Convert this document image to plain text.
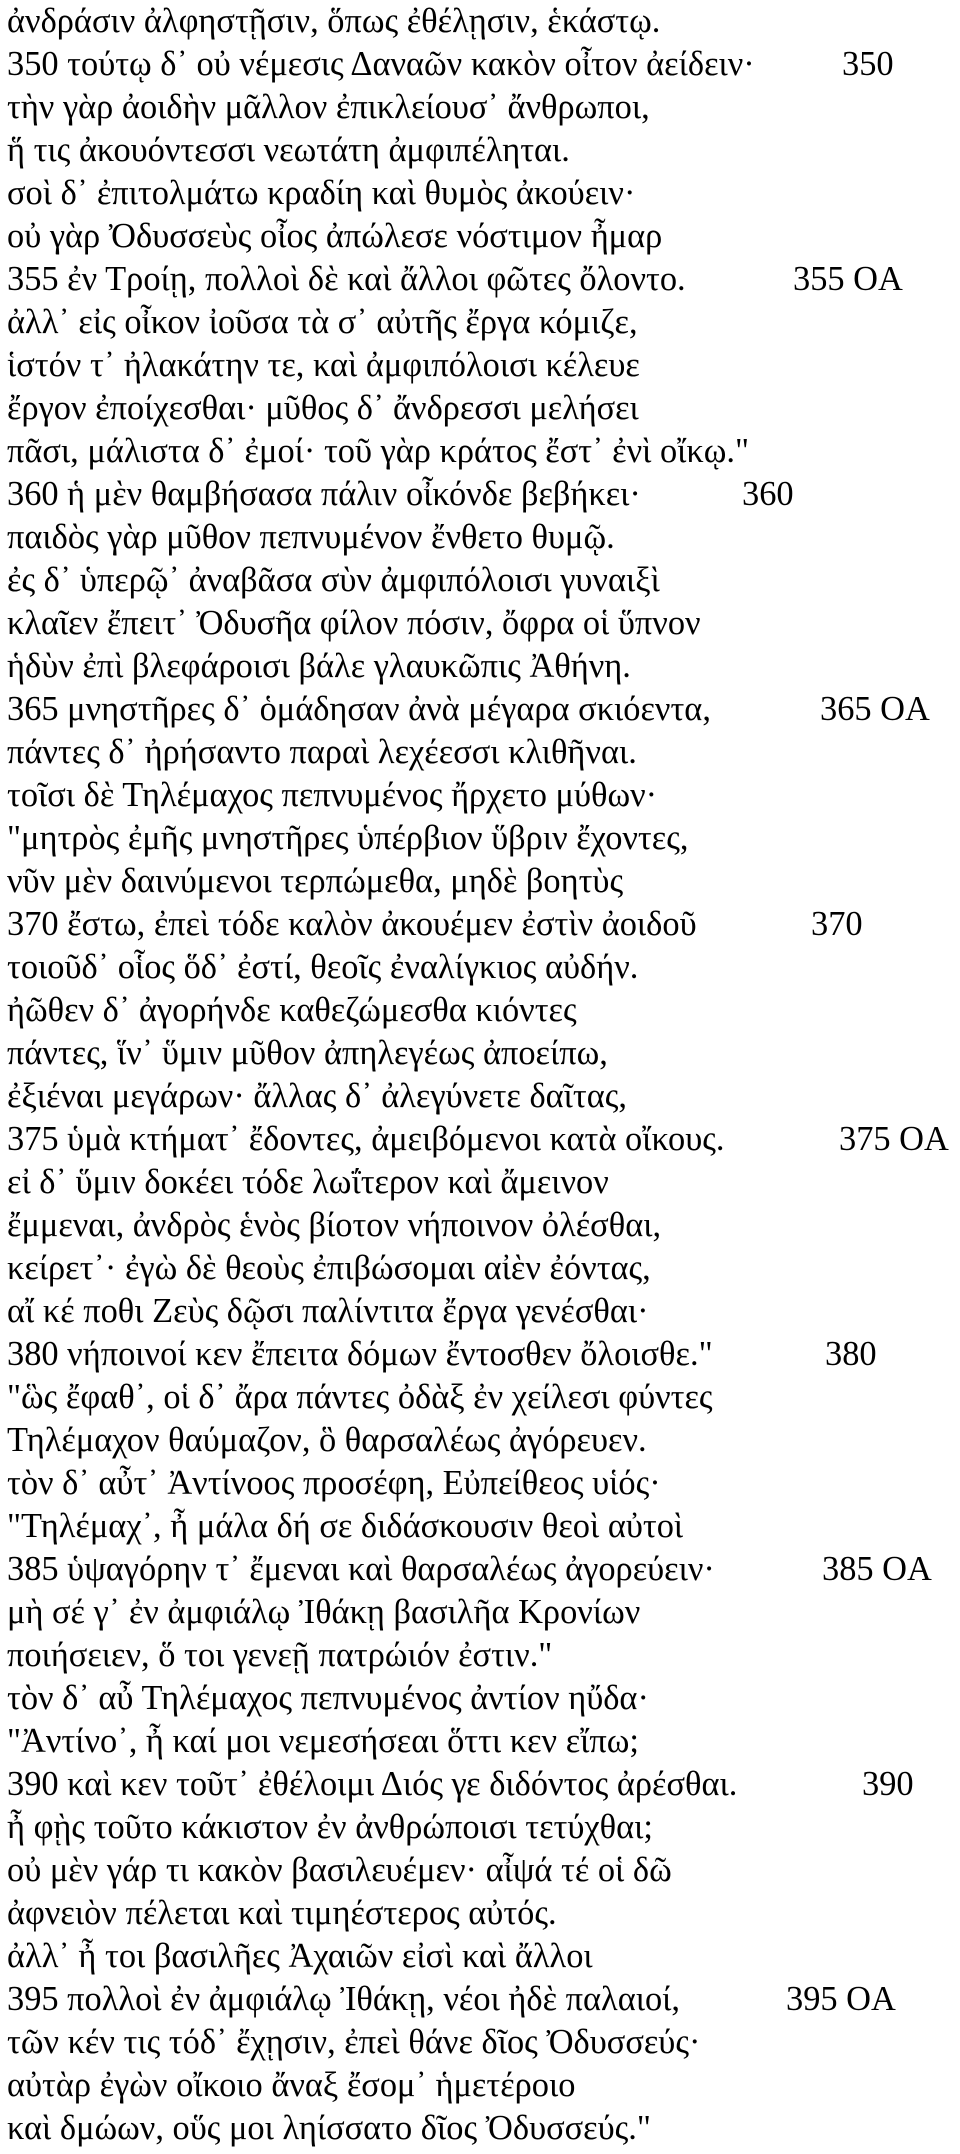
ἀνδράσιν ἀλφηστῇσιν, ὅπως ἐθέλῃσιν, ἑκάστῳ.
350 τούτῳ δ᾽ οὐ νέμεσις Δαναῶν κακὸν οἶτον ἀείδειν·	350
τὴν γὰρ ἀοιδὴν μᾶλλον ἐπικλείουσ᾽ ἄνθρωποι,
ἥ τις ἀκουόντεσσι νεωτάτη ἀμφιπέληται.
σοὶ δ᾽ ἐπιτολμάτω κραδίη καὶ θυμὸς ἀκούειν·
οὐ γὰρ Ὀδυσσεὺς οἶος ἀπώλεσε νόστιμον ἦμαρ
355 ἐν Τροίῃ, πολλοὶ δὲ καὶ ἄλλοι φῶτες ὄλοντο.	355 OA
ἀλλ᾽ εἰς οἶκον ἰοῦσα τὰ σ᾽ αὐτῆς ἔργα κόμιζε,
ἱστόν τ᾽ ἠλακάτην τε, καὶ ἀμφιπόλοισι κέλευε
ἔργον ἐποίχεσθαι· μῦθος δ᾽ ἄνδρεσσι μελήσει
πᾶσι, μάλιστα δ᾽ ἐμοί· τοῦ γὰρ κράτος ἔστ᾽ ἐνὶ οἴκῳ."
360 ἡ μὲν θαμβήσασα πάλιν οἶκόνδε βεβήκει·	360
παιδὸς γὰρ μῦθον πεπνυμένον ἔνθετο θυμῷ.
ἐς δ᾽ ὑπερῷ᾽ ἀναβᾶσα σὺν ἀμφιπόλοισι γυναιξὶ
κλαῖεν ἔπειτ᾽ Ὀδυσῆα φίλον πόσιν, ὄφρα οἱ ὕπνον
ἡδὺν ἐπὶ βλεφάροισι βάλε γλαυκῶπις Ἀθήνη.
365 μνηστῆρες δ᾽ ὁμάδησαν ἀνὰ μέγαρα σκιόεντα,	365 OA
πάντες δ᾽ ἠρήσαντο παραὶ λεχέεσσι κλιθῆναι.
τοῖσι δὲ Τηλέμαχος πεπνυμένος ἤρχετο μύθων·
"μητρὸς ἐμῆς μνηστῆρες ὑπέρβιον ὕβριν ἔχοντες,
νῦν μὲν δαινύμενοι τερπώμεθα, μηδὲ βοητὺς
370 ἔστω, ἐπεὶ τόδε καλὸν ἀκουέμεν ἐστὶν ἀοιδοῦ	370
τοιοῦδ᾽ οἷος ὅδ᾽ ἐστί, θεοῖς ἐναλίγκιος αὐδήν.
ἠῶθεν δ᾽ ἀγορήνδε καθεζώμεσθα κιόντες
πάντες, ἵν᾽ ὕμιν μῦθον ἀπηλεγέως ἀποείπω,
ἐξιέναι μεγάρων· ἄλλας δ᾽ ἀλεγύνετε δαῖτας,
375 ὑμὰ κτήματ᾽ ἔδοντες, ἀμειβόμενοι κατὰ οἴκους.	375 OA
εἰ δ᾽ ὕμιν δοκέει τόδε λωΐτερον καὶ ἄμεινον
ἔμμεναι, ἀνδρὸς ἑνὸς βίοτον νήποινον ὀλέσθαι,
κείρετ᾽· ἐγὼ δὲ θεοὺς ἐπιβώσομαι αἰὲν ἐόντας,
αἴ κέ ποθι Ζεὺς δῷσι παλίντιτα ἔργα γενέσθαι·
380 νήποινοί κεν ἔπειτα δόμων ἔντοσθεν ὄλοισθε."	380
"ὣς ἔφαθ᾽, οἱ δ᾽ ἄρα πάντες ὀδὰξ ἐν χείλεσι φύντες
Τηλέμαχον θαύμαζον, ὃ θαρσαλέως ἀγόρευεν.
τὸν δ᾽ αὖτ᾽ Ἀντίνοος προσέφη, Εὐπείθεος υἱός·
"Τηλέμαχ᾽, ἦ μάλα δή σε διδάσκουσιν θεοὶ αὐτοὶ
385 ὑψαγόρην τ᾽ ἔμεναι καὶ θαρσαλέως ἀγορεύειν·	385 OA
μὴ σέ γ᾽ ἐν ἀμφιάλῳ Ἰθάκῃ βασιλῆα Κρονίων
ποιήσειεν, ὅ τοι γενεῇ πατρώιόν ἐστιν."
τὸν δ᾽ αὖ Τηλέμαχος πεπνυμένος ἀντίον ηὔδα·
"Ἀντίνο᾽, ἦ καί μοι νεμεσήσεαι ὅττι κεν εἴπω;
390 καὶ κεν τοῦτ᾽ ἐθέλοιμι Διός γε διδόντος ἀρέσθαι.	390
ἦ φῂς τοῦτο κάκιστον ἐν ἀνθρώποισι τετύχθαι;
οὐ μὲν γάρ τι κακὸν βασιλευέμεν· αἶψά τέ οἱ δῶ
ἀφνειὸν πέλεται καὶ τιμηέστερος αὐτός.
ἀλλ᾽ ἦ τοι βασιλῆες Ἀχαιῶν εἰσὶ καὶ ἄλλοι
395 πολλοὶ ἐν ἀμφιάλῳ Ἰθάκῃ, νέοι ἠδὲ παλαιοί,	395 OA
τῶν κέν τις τόδ᾽ ἔχῃσιν, ἐπεὶ θάνε δῖος Ὀδυσσεύς·
αὐτὰρ ἐγὼν οἴκοιο ἄναξ ἔσομ᾽ ἡμετέροιο
καὶ δμώων, οὕς μοι ληίσσατο δῖος Ὀδυσσεύς."
